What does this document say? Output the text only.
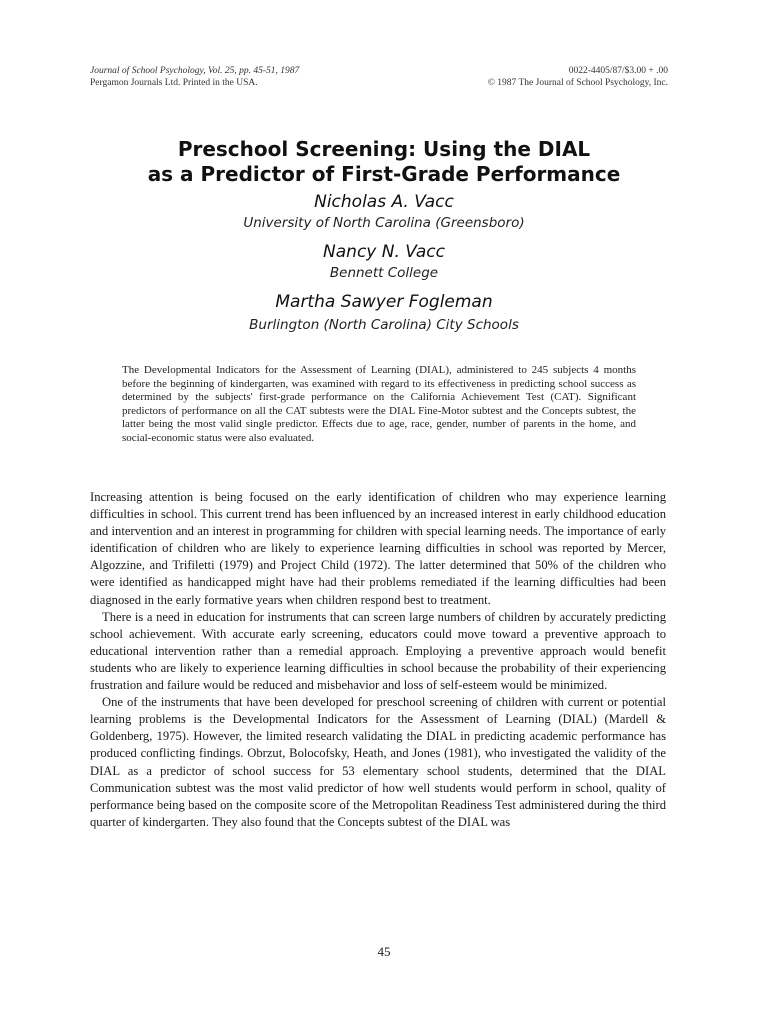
Journal of School Psychology, Vol. 25, pp. 45-51, 1987
Pergamon Journals Ltd. Printed in the USA.
0022-4405/87/$3.00 + .00
© 1987 The Journal of School Psychology, Inc.
Preschool Screening: Using the DIAL
as a Predictor of First-Grade Performance
Nicholas A. Vacc
University of North Carolina (Greensboro)
Nancy N. Vacc
Bennett College
Martha Sawyer Fogleman
Burlington (North Carolina) City Schools

The Developmental Indicators for the Assessment of Learning (DIAL), administered to 245 subjects 4 months before the beginning of kindergarten, was examined with regard to its effectiveness in predicting school success as determined by the subjects' first-grade performance on the California Achievement Test (CAT). Significant predictors of performance on all the CAT subtests were the DIAL Fine-Motor subtest and the Concepts subtest, the latter being the most valid single predictor. Effects due to age, race, gender, number of parents in the home, and social-economic status were also evaluated.

Increasing attention is being focused on the early identification of children who may experience learning difficulties in school. This current trend has been influenced by an increased interest in early childhood education and intervention and an interest in programming for children with special learning needs. The importance of early identification of children who are likely to experience learning difficulties in school was reported by Mercer, Algozzine, and Trifiletti (1979) and Project Child (1972). The latter determined that 50% of the children who were identified as handicapped might have had their problems remediated if the learning difficulties had been diagnosed in the early formative years when children respond best to treatment.

There is a need in education for instruments that can screen large numbers of children by accurately predicting school achievement. With accurate early screening, educators could move toward a preventive approach to educational intervention rather than a remedial approach. Employing a preventive approach would benefit students who are likely to experience learning difficulties in school because the probability of their experiencing frustration and failure would be reduced and misbehavior and loss of self-esteem would be minimized.

One of the instruments that have been developed for preschool screening of children with current or potential learning problems is the Developmental Indicators for the Assessment of Learning (DIAL) (Mardell & Goldenberg, 1975). However, the limited research validating the DIAL in predicting academic performance has produced conflicting findings. Obrzut, Bolocofsky, Heath, and Jones (1981), who investigated the validity of the DIAL as a predictor of school success for 53 elementary school students, determined that the DIAL Communication subtest was the most valid predictor of how well students would perform in school, quality of performance being based on the composite score of the Metropolitan Readiness Test administered during the third quarter of kindergarten. They also found that the Concepts subtest of the DIAL was

45
